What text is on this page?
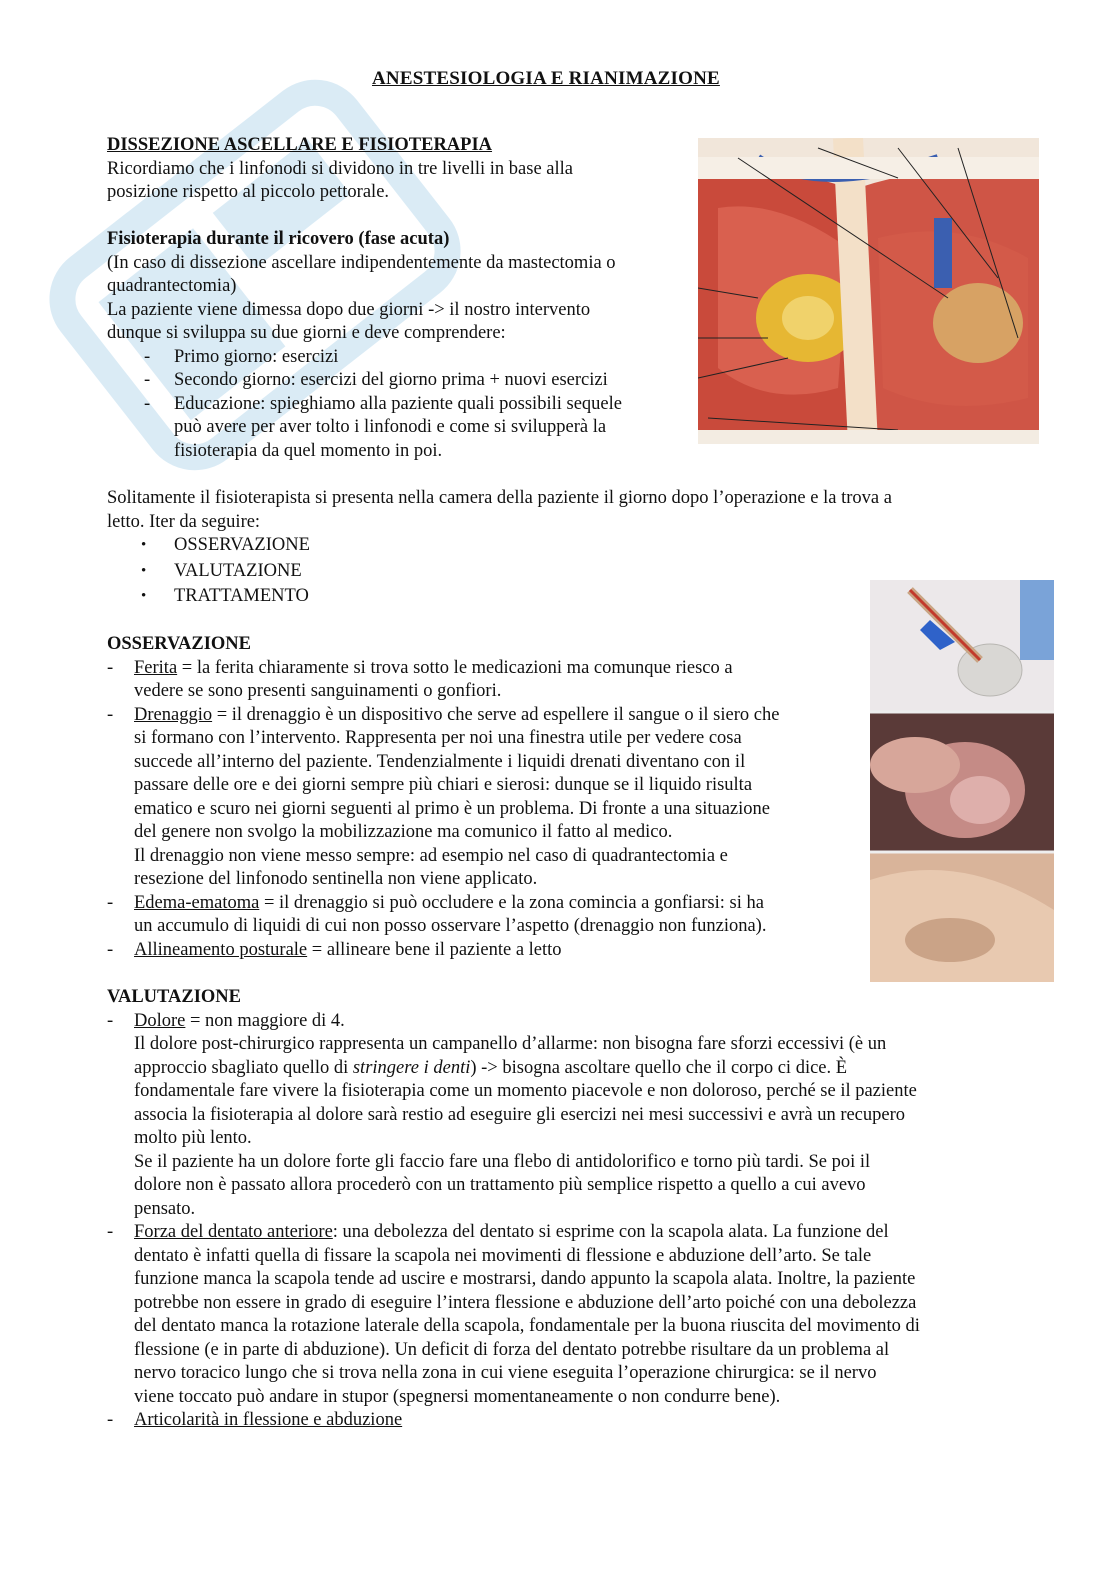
ANESTESIOLOGIA E RIANIMAZIONE
DISSEZIONE ASCELLARE E FISIOTERAPIA
Ricordiamo che i linfonodi si dividono in tre livelli in base alla
posizione rispetto al piccolo pettorale.
Fisioterapia durante il ricovero (fase acuta)
(In caso di dissezione ascellare indipendentemente da mastectomia o
quadrantectomia)
La paziente viene dimessa dopo due giorni -> il nostro intervento
dunque si sviluppa su due giorni e deve comprendere:
- Primo giorno: esercizi
- Secondo giorno: esercizi del giorno prima + nuovi esercizi
- Educazione: spieghiamo alla paziente quali possibili sequele
può avere per aver tolto i linfonodi e come si svilupperà la
fisioterapia da quel momento in poi.
Solitamente il fisioterapista si presenta nella camera della paziente il giorno dopo l’operazione e la trova a
letto. Iter da seguire:
• OSSERVAZIONE
• VALUTAZIONE
• TRATTAMENTO
OSSERVAZIONE
- Ferita = la ferita chiaramente si trova sotto le medicazioni ma comunque riesco a
vedere se sono presenti sanguinamenti o gonfiori.
- Drenaggio = il drenaggio è un dispositivo che serve ad espellere il sangue o il siero che
si formano con l’intervento. Rappresenta per noi una finestra utile per vedere cosa
succede all’interno del paziente. Tendenzialmente i liquidi drenati diventano con il
passare delle ore e dei giorni sempre più chiari e sierosi: dunque se il liquido risulta
ematico e scuro nei giorni seguenti al primo è un problema. Di fronte a una situazione
del genere non svolgo la mobilizzazione ma comunico il fatto al medico.
Il drenaggio non viene messo sempre: ad esempio nel caso di quadrantectomia e
resezione del linfonodo sentinella non viene applicato.
- Edema-ematoma = il drenaggio si può occludere e la zona comincia a gonfiarsi: si ha
un accumulo di liquidi di cui non posso osservare l’aspetto (drenaggio non funziona).
- Allineamento posturale = allineare bene il paziente a letto
VALUTAZIONE
- Dolore = non maggiore di 4.
Il dolore post-chirurgico rappresenta un campanello d’allarme: non bisogna fare sforzi eccessivi (è un
approccio sbagliato quello di stringere i denti) -> bisogna ascoltare quello che il corpo ci dice. È
fondamentale fare vivere la fisioterapia come un momento piacevole e non doloroso, perché se il paziente
associa la fisioterapia al dolore sarà restio ad eseguire gli esercizi nei mesi successivi e avrà un recupero
molto più lento.
Se il paziente ha un dolore forte gli faccio fare una flebo di antidolorifico e torno più tardi. Se poi il
dolore non è passato allora procederò con un trattamento più semplice rispetto a quello a cui avevo
pensato.
- Forza del dentato anteriore: una debolezza del dentato si esprime con la scapola alata. La funzione del
dentato è infatti quella di fissare la scapola nei movimenti di flessione e abduzione dell’arto. Se tale
funzione manca la scapola tende ad uscire e mostrarsi, dando appunto la scapola alata. Inoltre, la paziente
potrebbe non essere in grado di eseguire l’intera flessione e abduzione dell’arto poiché con una debolezza
del dentato manca la rotazione laterale della scapola, fondamentale per la buona riuscita del movimento di
flessione (e in parte di abduzione). Un deficit di forza del dentato potrebbe risultare da un problema al
nervo toracico lungo che si trova nella zona in cui viene eseguita l’operazione chirurgica: se il nervo
viene toccato può andare in stupor (spegnersi momentaneamente o non condurre bene).
- Articolarità in flessione e abduzione
